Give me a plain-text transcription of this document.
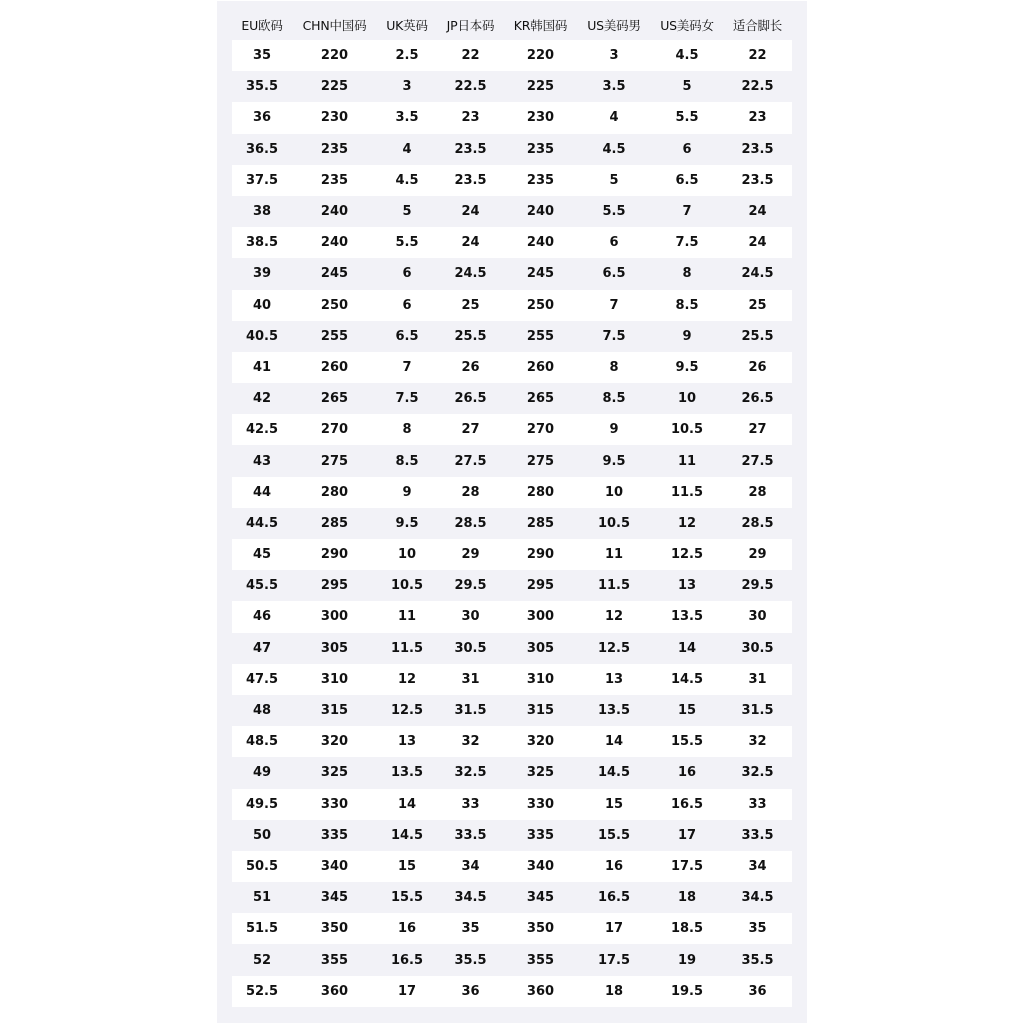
EU欧码	CHN中国码	UK英码	JP日本码	KR韩国码	US美码男	US美码女	适合脚长
35	220	2.5	22	220	3	4.5	22
35.5	225	3	22.5	225	3.5	5	22.5
36	230	3.5	23	230	4	5.5	23
36.5	235	4	23.5	235	4.5	6	23.5
37.5	235	4.5	23.5	235	5	6.5	23.5
38	240	5	24	240	5.5	7	24
38.5	240	5.5	24	240	6	7.5	24
39	245	6	24.5	245	6.5	8	24.5
40	250	6	25	250	7	8.5	25
40.5	255	6.5	25.5	255	7.5	9	25.5
41	260	7	26	260	8	9.5	26
42	265	7.5	26.5	265	8.5	10	26.5
42.5	270	8	27	270	9	10.5	27
43	275	8.5	27.5	275	9.5	11	27.5
44	280	9	28	280	10	11.5	28
44.5	285	9.5	28.5	285	10.5	12	28.5
45	290	10	29	290	11	12.5	29
45.5	295	10.5	29.5	295	11.5	13	29.5
46	300	11	30	300	12	13.5	30
47	305	11.5	30.5	305	12.5	14	30.5
47.5	310	12	31	310	13	14.5	31
48	315	12.5	31.5	315	13.5	15	31.5
48.5	320	13	32	320	14	15.5	32
49	325	13.5	32.5	325	14.5	16	32.5
49.5	330	14	33	330	15	16.5	33
50	335	14.5	33.5	335	15.5	17	33.5
50.5	340	15	34	340	16	17.5	34
51	345	15.5	34.5	345	16.5	18	34.5
51.5	350	16	35	350	17	18.5	35
52	355	16.5	35.5	355	17.5	19	35.5
52.5	360	17	36	360	18	19.5	36
